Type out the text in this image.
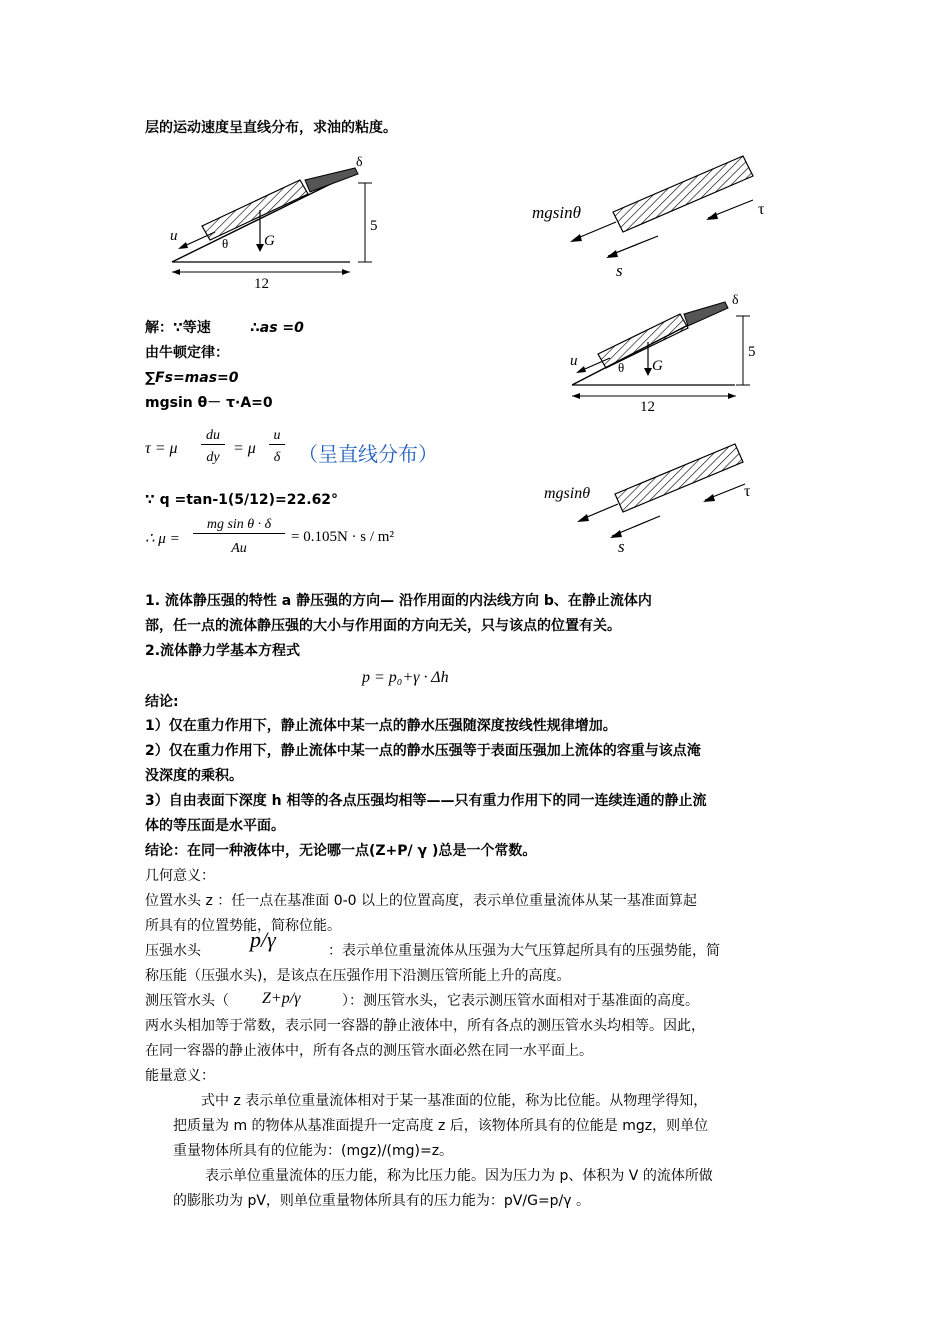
层的运动速度呈直线分布，求油的粘度。
δ
5
12
u	θ G
mgsinθ	τ
s
δ
5
12
u	θ G
mgsinθ	τ
s
解：∵等速	∴as =0
由牛顿定律：
∑Fs=mas=0
mgsin θ－ τ·A=0
τ = μ
du
dy
= μ
u
δ （呈直线分布）
∵ q =tan-1(5/12)=22.62°
∴ μ =
mg sin θ · δ
Au
= 0.105N · s / m²
1. 流体静压强的特性 a 静压强的方向— 沿作用面的内法线方向 b、在静止流体内
部，任一点的流体静压强的大小与作用面的方向无关，只与该点的位置有关。
2.流体静力学基本方程式
p = p₀+γ · Δh
结论:
1）仅在重力作用下，静止流体中某一点的静水压强随深度按线性规律增加。
2）仅在重力作用下，静止流体中某一点的静水压强等于表面压强加上流体的容重与该点淹
没深度的乘积。
3）自由表面下深度 h 相等的各点压强均相等——只有重力作用下的同一连续连通的静止流
体的等压面是水平面。
结论：在同一种液体中，无论哪一点(Z+P/ γ )总是一个常数。
几何意义：
位置水头 z ：任一点在基准面 0-0 以上的位置高度，表示单位重量流体从某一基准面算起
所具有的位置势能，简称位能。
压强水头 p/γ	：表示单位重量流体从压强为大气压算起所具有的压强势能，简
称压能（压强水头)，是该点在压强作用下沿测压管所能上升的高度。
测压管水头（ Z+p/γ	）：测压管水头，它表示测压管水面相对于基准面的高度。
两水头相加等于常数，表示同一容器的静止液体中，所有各点的测压管水头均相等。因此，
在同一容器的静止液体中，所有各点的测压管水面必然在同一水平面上。
能量意义：
式中 z 表示单位重量流体相对于某一基准面的位能，称为比位能。从物理学得知，
把质量为 m 的物体从基准面提升一定高度 z 后，该物体所具有的位能是 mgz，则单位
重量物体所具有的位能为：(mgz)/(mg)=z。
表示单位重量流体的压力能，称为比压力能。因为压力为 p、体积为 V 的流体所做
的膨胀功为 pV，则单位重量物体所具有的压力能为：pV/G=p/γ 。
